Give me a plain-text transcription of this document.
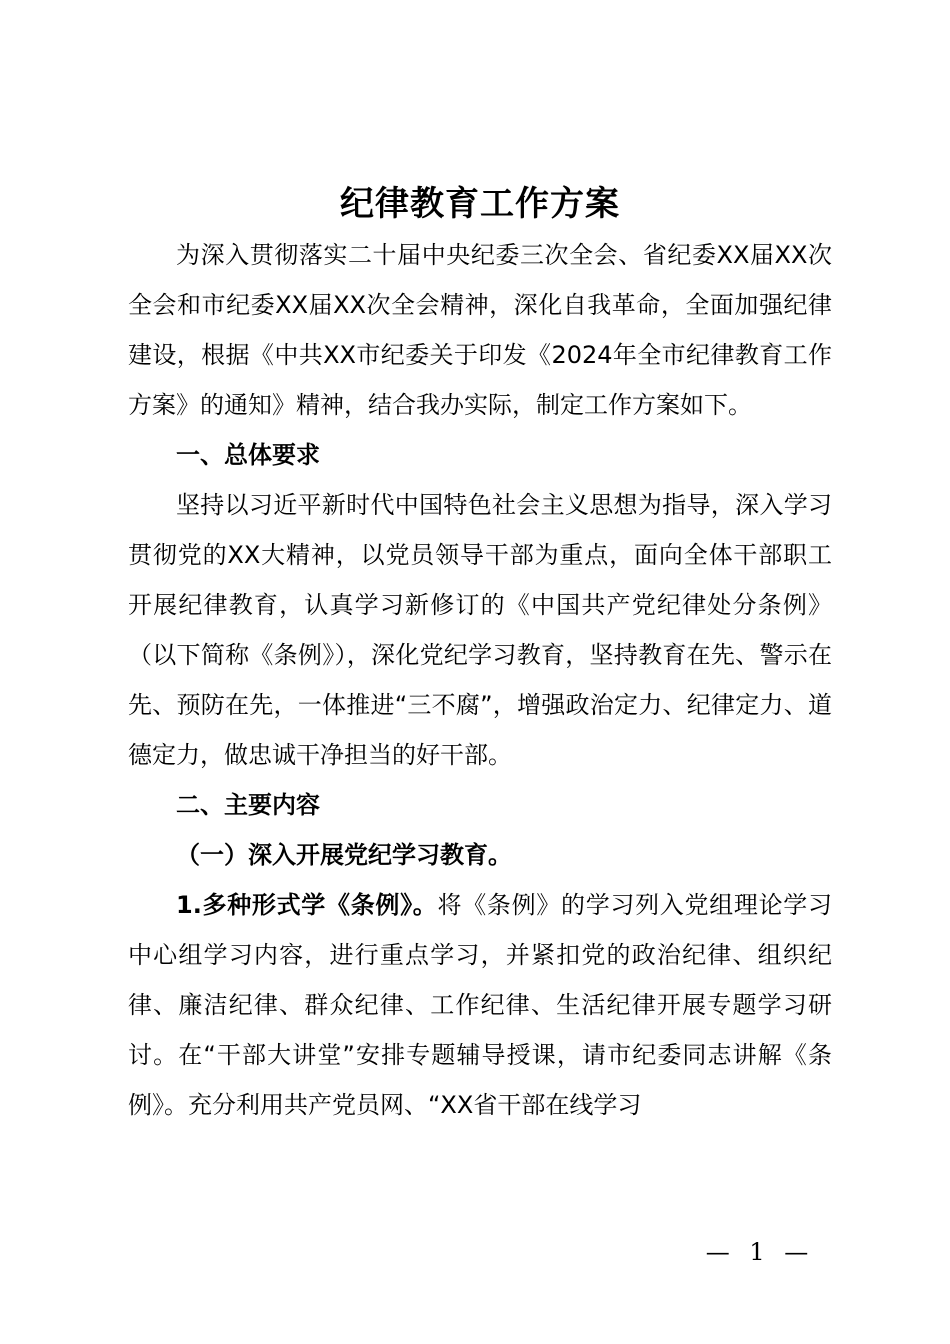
纪律教育工作方案

为深入贯彻落实二十届中央纪委三次全会、省纪委XX届XX次全会和市纪委XX届XX次全会精神，深化自我革命，全面加强纪律建设，根据《中共XX市纪委关于印发《2024年全市纪律教育工作方案》的通知》精神，结合我办实际，制定工作方案如下。

一、总体要求

坚持以习近平新时代中国特色社会主义思想为指导，深入学习贯彻党的XX大精神，以党员领导干部为重点，面向全体干部职工开展纪律教育，认真学习新修订的《中国共产党纪律处分条例》（以下简称《条例》），深化党纪学习教育，坚持教育在先、警示在先、预防在先，一体推进“三不腐”，增强政治定力、纪律定力、道德定力，做忠诚干净担当的好干部。

二、主要内容

（一）深入开展党纪学习教育。

1.多种形式学《条例》。将《条例》的学习列入党组理论学习中心组学习内容，进行重点学习，并紧扣党的政治纪律、组织纪律、廉洁纪律、群众纪律、工作纪律、生活纪律开展专题学习研讨。在“干部大讲堂”安排专题辅导授课，请市纪委同志讲解《条例》。充分利用共产党员网、“XX省干部在线学习

— 1 —
